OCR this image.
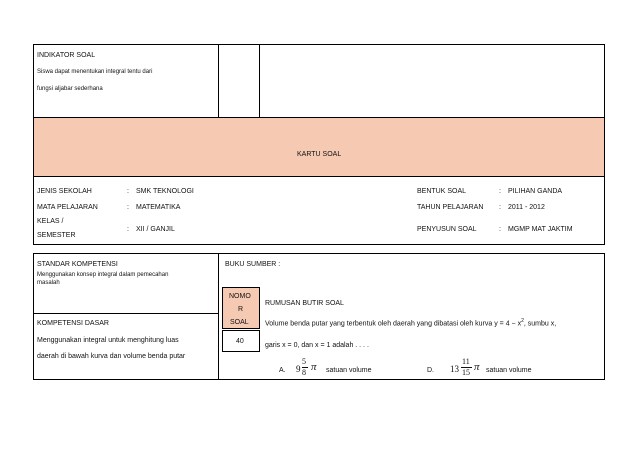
INDIKATOR SOAL
Siswa dapat menentukan integral tentu dari
fungsi aljabar sederhana
KARTU SOAL
JENIS SEKOLAH	: SMK TEKNOLOGI
MATA PELAJARAN	: MATEMATIKA
KELAS /
SEMESTER
: XII / GANJIL
BENTUK SOAL	: PILIHAN GANDA
TAHUN PELAJARAN : 2011 - 2012
PENYUSUN SOAL	: MGMP MAT JAKTIM
STANDAR KOMPETENSI
Menggunakan konsep integral dalam pemecahan
masalah
BUKU SUMBER :
KOMPETENSI DASAR
Menggunakan integral untuk menghitung luas
daerah di bawah kurva dan volume benda putar
NOMO
R
SOAL
40
RUMUSAN BUTIR SOAL
Volume benda putar yang terbentuk oleh daerah yang dibatasi oleh kurva $y = 4 - x^2$, sumbu x,
garis x = 0, dan x = 1 adalah . . . .
A. 9
5
8 π satuan volume	D. 13
11
15 π satuan volume
